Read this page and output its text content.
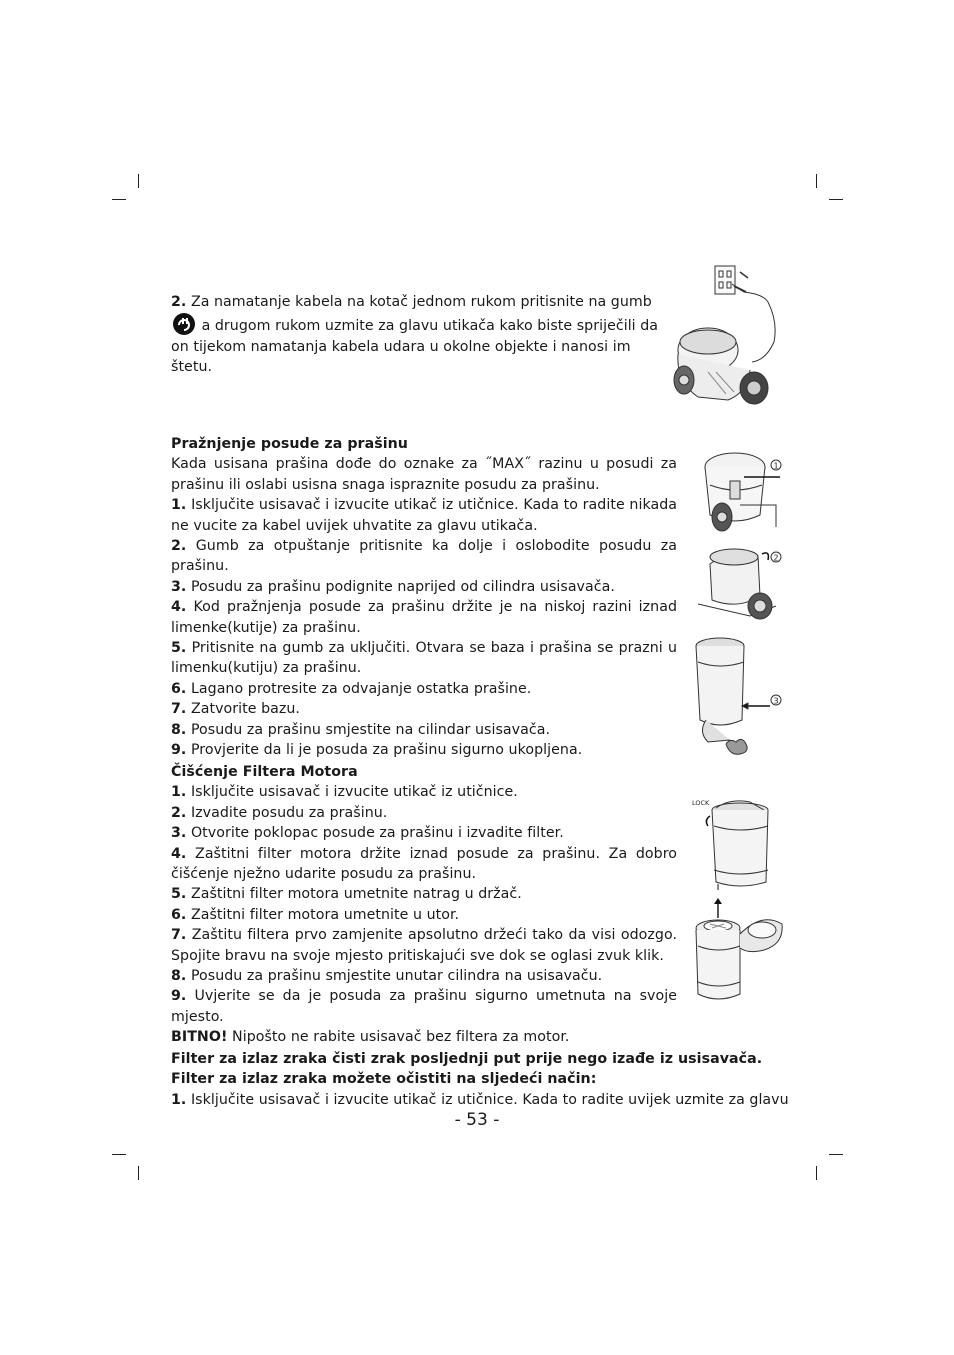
2. Za namatanje kabela na kotač jednom rukom pritisnite na gumb

a drugom rukom uzmite za glavu utikača kako biste spriječili da

on tijekom namatanja kabela udara u okolne objekte i nanosi im štetu.

Pražnjenje posude za prašinu

Kada usisana prašina dođe do oznake za ˝MAX˝ razinu u posudi za prašinu ili oslabi usisna snaga ispraznite posudu za prašinu.

1. Isključite usisavač i izvucite utikač iz utičnice. Kada to radite nikada ne vucite za kabel uvijek uhvatite za glavu utikača.

2. Gumb za otpuštanje pritisnite ka dolje i oslobodite posudu za prašinu.

3. Posudu za prašinu podignite naprijed od cilindra usisavača.

4. Kod pražnjenja posude za prašinu držite je na niskoj razini iznad limenke(kutije) za prašinu.

5. Pritisnite na gumb za uključiti. Otvara se baza i prašina se prazni u limenku(kutiju) za prašinu.

6. Lagano protresite za odvajanje ostatka prašine.

7. Zatvorite bazu.

8. Posudu za prašinu smjestite na cilindar usisavača.

9. Provjerite da li je posuda za prašinu sigurno ukopljena.

1
2
3

Čišćenje Filtera Motora

1. Isključite usisavač i izvucite utikač iz utičnice.

2. Izvadite posudu za prašinu.

3. Otvorite poklopac posude za prašinu i izvadite filter.

4. Zaštitni filter motora držite iznad posude za prašinu. Za dobro čišćenje nježno udarite posudu za prašinu.

5. Zaštitni filter motora umetnite natrag u držač.

6. Zaštitni filter motora umetnite u utor.

7. Zaštitu filtera prvo zamjenite apsolutno držeći tako da visi odozgo. Spojite bravu na svoje mjesto pritiskajući sve dok se oglasi zvuk klik.

8. Posudu za prašinu smjestite unutar cilindra na usisavaču.

9. Uvjerite se da je posuda za prašinu sigurno umetnuta na svoje mjesto.

BITNO! Nipošto ne rabite usisavač bez filtera za motor.

LOCK

Filter za izlaz zraka čisti zrak posljednji put prije nego izađe iz usisavača. Filter za izlaz zraka možete očistiti na sljedeći način:

1. Isključite usisavač i izvucite utikač iz utičnice. Kada to radite uvijek uzmite za glavu

- 53 -
